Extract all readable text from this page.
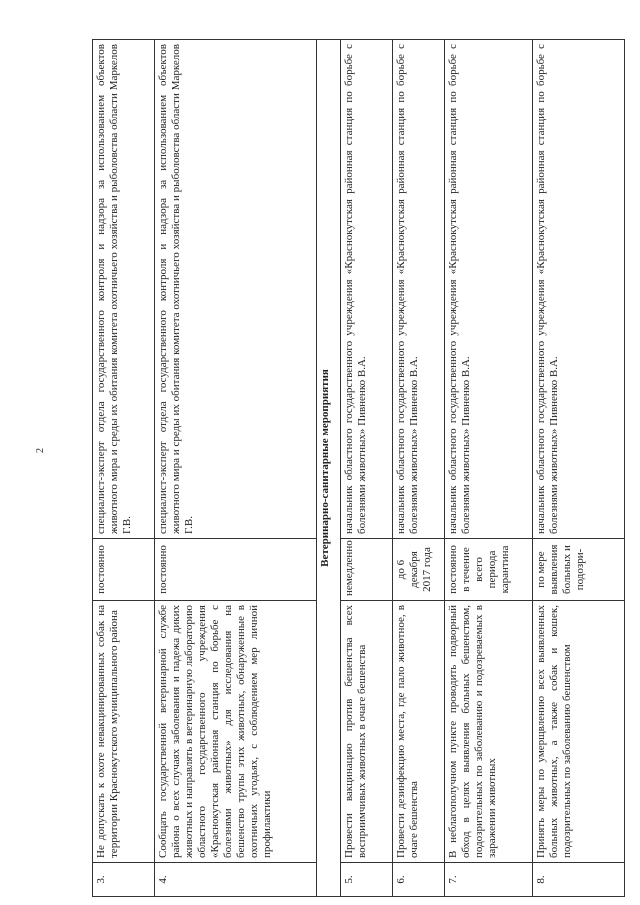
2
3.	Не допускать к охоте невакцинированных собак на территории Краснокутского муниципального района	постоянно	специалист-эксперт отдела государственного контроля и надзора за использованием объектов животного мира и среды их обитания комитета охотничьего хозяйства и рыболовства области Маркелов Г.В.
4.	Сообщать государственной ветеринарной службе района о всех случаях заболевания и падежа диких животных и направлять в ветеринарную лабораторию областного государственного учреждения «Краснокутская районная станция по борьбе с болезнями животных» для исследования на бешенство трупы этих животных, обнаруженные в охотничьих угодьях, с соблюдением мер личной профилактики	постоянно	специалист-эксперт отдела государственного контроля и надзора за использованием объектов животного мира и среды их обитания комитета охотничьего хозяйства и рыболовства области Маркелов Г.В.
Ветеринарно-санитарные мероприятия			
5.	Провести вакцинацию против бешенства всех восприимчивых животных в очаге бешенства	немедленно	начальник областного государственного учреждения «Краснокутская районная станция по борьбе с болезнями животных» Пивненко В.А.
6.	Провести дезинфекцию места, где пало животное, в очаге бешенства	до 6 декабря 2017 года	начальник областного государственного учреждения «Краснокутская районная станция по борьбе с болезнями животных» Пивненко В.А.
7.	В неблагополучном пункте проводить подворный обход в целях выявления больных бешенством, подозрительных по заболеванию и подозреваемых в заражении животных	постоянно в течение всего периода карантина	начальник областного государственного учреждения «Краснокутская районная станция по борьбе с болезнями животных» Пивненко В.А.
8.	Принять меры по умерщвлению всех выявленных больных животных, а также собак и кошек, подозрительных по заболеванию бешенством	по мере выявления больных и подозри-	начальник областного государственного учреждения «Краснокутская районная станция по борьбе с болезнями животных» Пивненко В.А.
